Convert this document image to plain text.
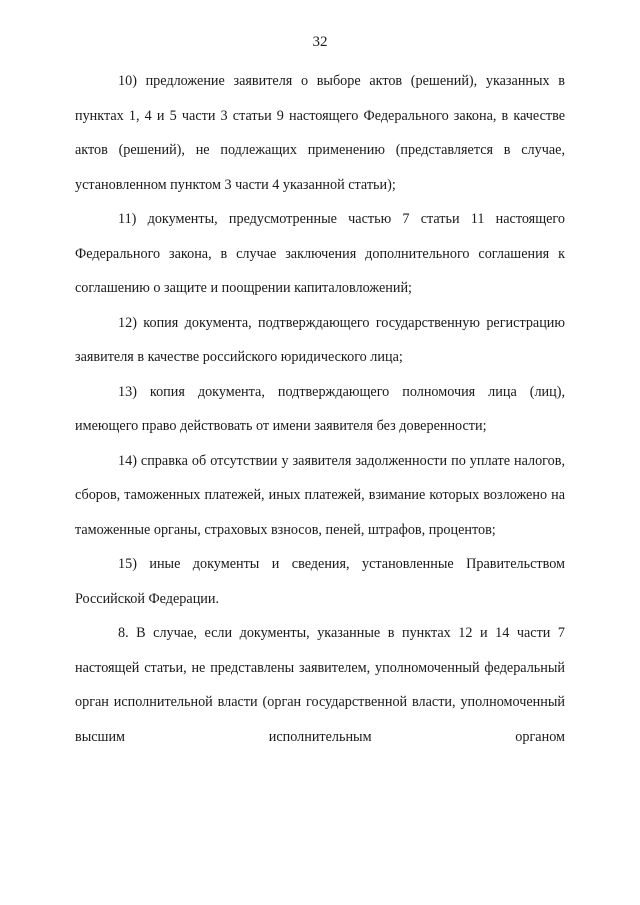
32

10) предложение заявителя о выборе актов (решений), указанных в пунктах 1, 4 и 5 части 3 статьи 9 настоящего Федерального закона, в качестве актов (решений), не подлежащих применению (представляется в случае, установленном пунктом 3 части 4 указанной статьи);

11) документы, предусмотренные частью 7 статьи 11 настоящего Федерального закона, в случае заключения дополнительного соглашения к соглашению о защите и поощрении капиталовложений;

12) копия документа, подтверждающего государственную регистрацию заявителя в качестве российского юридического лица;

13) копия документа, подтверждающего полномочия лица (лиц), имеющего право действовать от имени заявителя без доверенности;

14) справка об отсутствии у заявителя задолженности по уплате налогов, сборов, таможенных платежей, иных платежей, взимание которых возложено на таможенные органы, страховых взносов, пеней, штрафов, процентов;

15) иные документы и сведения, установленные Правительством Российской Федерации.

8. В случае, если документы, указанные в пунктах 12 и 14 части 7 настоящей статьи, не представлены заявителем, уполномоченный федеральный орган исполнительной власти (орган государственной власти, уполномоченный высшим исполнительным органом
